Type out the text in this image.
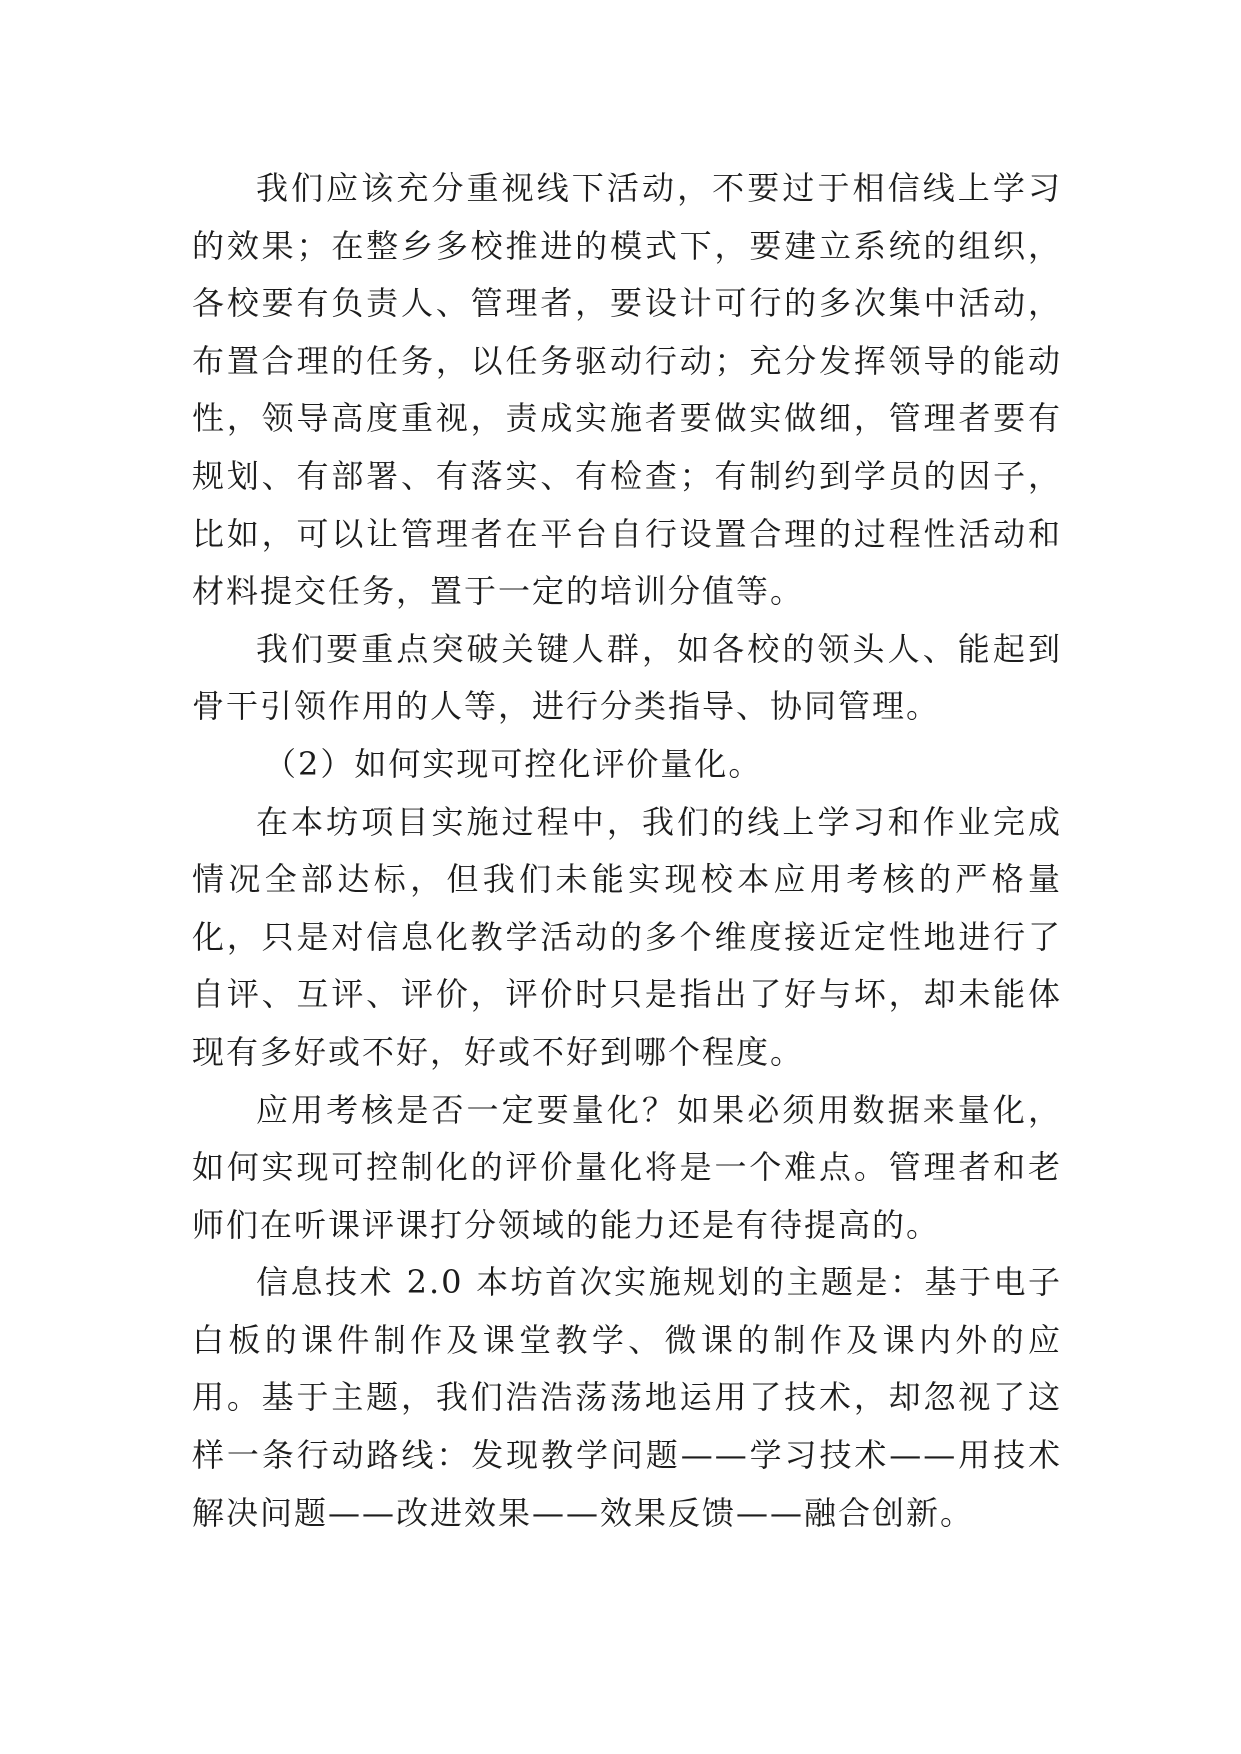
我们应该充分重视线下活动，不要过于相信线上学习的效果；在整乡多校推进的模式下，要建立系统的组织，各校要有负责人、管理者，要设计可行的多次集中活动，布置合理的任务，以任务驱动行动；充分发挥领导的能动性，领导高度重视，责成实施者要做实做细，管理者要有规划、有部署、有落实、有检查；有制约到学员的因子，比如，可以让管理者在平台自行设置合理的过程性活动和材料提交任务，置于一定的培训分值等。

我们要重点突破关键人群，如各校的领头人、能起到骨干引领作用的人等，进行分类指导、协同管理。

（2）如何实现可控化评价量化。

在本坊项目实施过程中，我们的线上学习和作业完成情况全部达标，但我们未能实现校本应用考核的严格量化，只是对信息化教学活动的多个维度接近定性地进行了自评、互评、评价，评价时只是指出了好与坏，却未能体现有多好或不好，好或不好到哪个程度。

应用考核是否一定要量化？如果必须用数据来量化，如何实现可控制化的评价量化将是一个难点。管理者和老师们在听课评课打分领域的能力还是有待提高的。

信息技术 2.0 本坊首次实施规划的主题是：基于电子白板的课件制作及课堂教学、微课的制作及课内外的应用。基于主题，我们浩浩荡荡地运用了技术，却忽视了这样一条行动路线：发现教学问题——学习技术——用技术解决问题——改进效果——效果反馈——融合创新。
